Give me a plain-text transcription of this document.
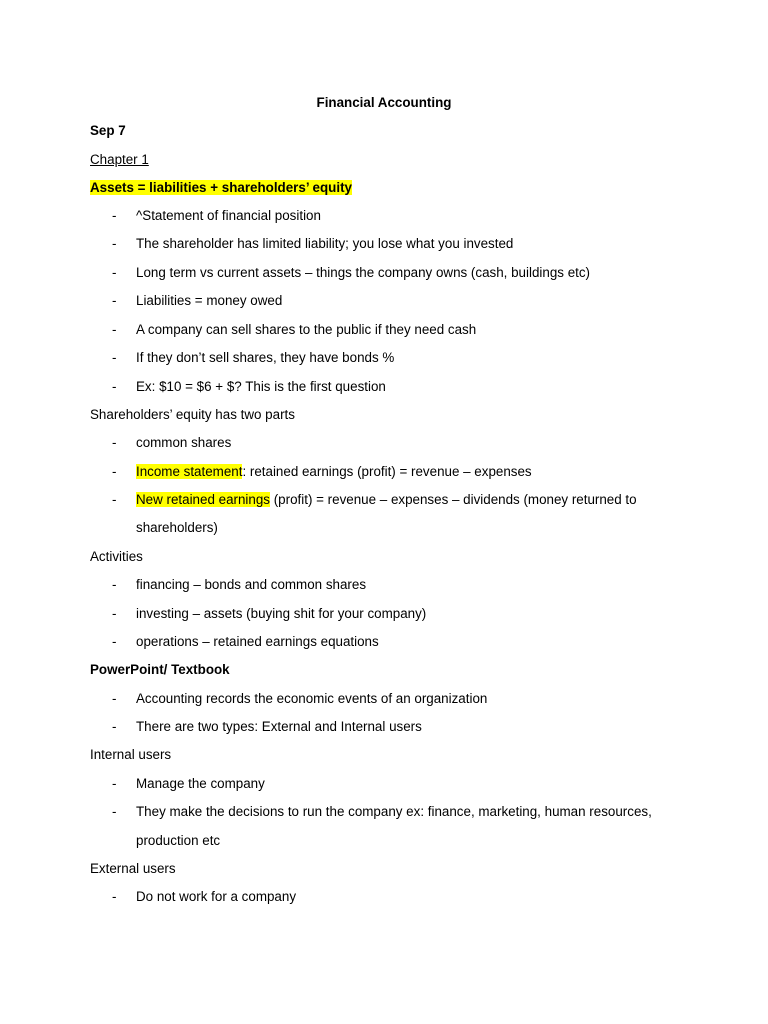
Financial Accounting
Sep 7
Chapter 1
Assets = liabilities + shareholders’ equity
- ^Statement of financial position
- The shareholder has limited liability; you lose what you invested
- Long term vs current assets – things the company owns (cash, buildings etc)
- Liabilities = money owed
- A company can sell shares to the public if they need cash
- If they don’t sell shares, they have bonds %
- Ex: $10 = $6 + $? This is the first question
Shareholders’ equity has two parts
- common shares
- Income statement: retained earnings (profit) = revenue – expenses
- New retained earnings (profit) = revenue – expenses – dividends (money returned to
shareholders)
Activities
- financing – bonds and common shares
- investing – assets (buying shit for your company)
- operations – retained earnings equations
PowerPoint/ Textbook
- Accounting records the economic events of an organization
- There are two types: External and Internal users
Internal users
- Manage the company
- They make the decisions to run the company ex: finance, marketing, human resources,
production etc
External users
- Do not work for a company
